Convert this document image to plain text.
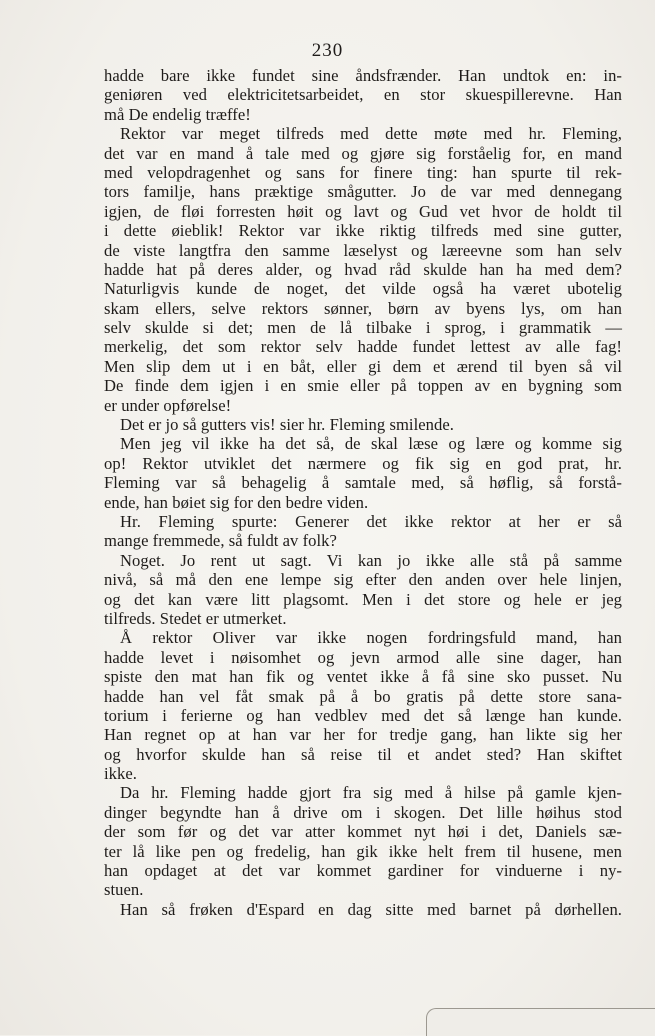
230
hadde bare ikke fundet sine åndsfrænder. Han undtok en: in-
geniøren ved elektricitetsarbeidet, en stor skuespillerevne. Han
må De endelig træffe!
Rektor var meget tilfreds med dette møte med hr. Fleming,
det var en mand å tale med og gjøre sig forståelig for, en mand
med velopdragenhet og sans for finere ting: han spurte til rek-
tors familje, hans præktige smågutter. Jo de var med dennegang
igjen, de fløi forresten høit og lavt og Gud vet hvor de holdt til
i dette øieblik! Rektor var ikke riktig tilfreds med sine gutter,
de viste langtfra den samme læselyst og læreevne som han selv
hadde hat på deres alder, og hvad råd skulde han ha med dem?
Naturligvis kunde de noget, det vilde også ha været ubotelig
skam ellers, selve rektors sønner, børn av byens lys, om han
selv skulde si det; men de lå tilbake i sprog, i grammatik —
merkelig, det som rektor selv hadde fundet lettest av alle fag!
Men slip dem ut i en båt, eller gi dem et ærend til byen så vil
De finde dem igjen i en smie eller på toppen av en bygning som
er under opførelse!
Det er jo så gutters vis! sier hr. Fleming smilende.
Men jeg vil ikke ha det så, de skal læse og lære og komme sig
op! Rektor utviklet det nærmere og fik sig en god prat, hr.
Fleming var så behagelig å samtale med, så høflig, så forstå-
ende, han bøiet sig for den bedre viden.
Hr. Fleming spurte: Generer det ikke rektor at her er så
mange fremmede, så fuldt av folk?
Noget. Jo rent ut sagt. Vi kan jo ikke alle stå på samme
nivå, så må den ene lempe sig efter den anden over hele linjen,
og det kan være litt plagsomt. Men i det store og hele er jeg
tilfreds. Stedet er utmerket.
Å rektor Oliver var ikke nogen fordringsfuld mand, han
hadde levet i nøisomhet og jevn armod alle sine dager, han
spiste den mat han fik og ventet ikke å få sine sko pusset. Nu
hadde han vel fåt smak på å bo gratis på dette store sana-
torium i ferierne og han vedblev med det så længe han kunde.
Han regnet op at han var her for tredje gang, han likte sig her
og hvorfor skulde han så reise til et andet sted? Han skiftet
ikke.
Da hr. Fleming hadde gjort fra sig med å hilse på gamle kjen-
dinger begyndte han å drive om i skogen. Det lille høihus stod
der som før og det var atter kommet nyt høi i det, Daniels sæ-
ter lå like pen og fredelig, han gik ikke helt frem til husene, men
han opdaget at det var kommet gardiner for vinduerne i ny-
stuen.
Han så frøken d'Espard en dag sitte med barnet på dørhellen.
